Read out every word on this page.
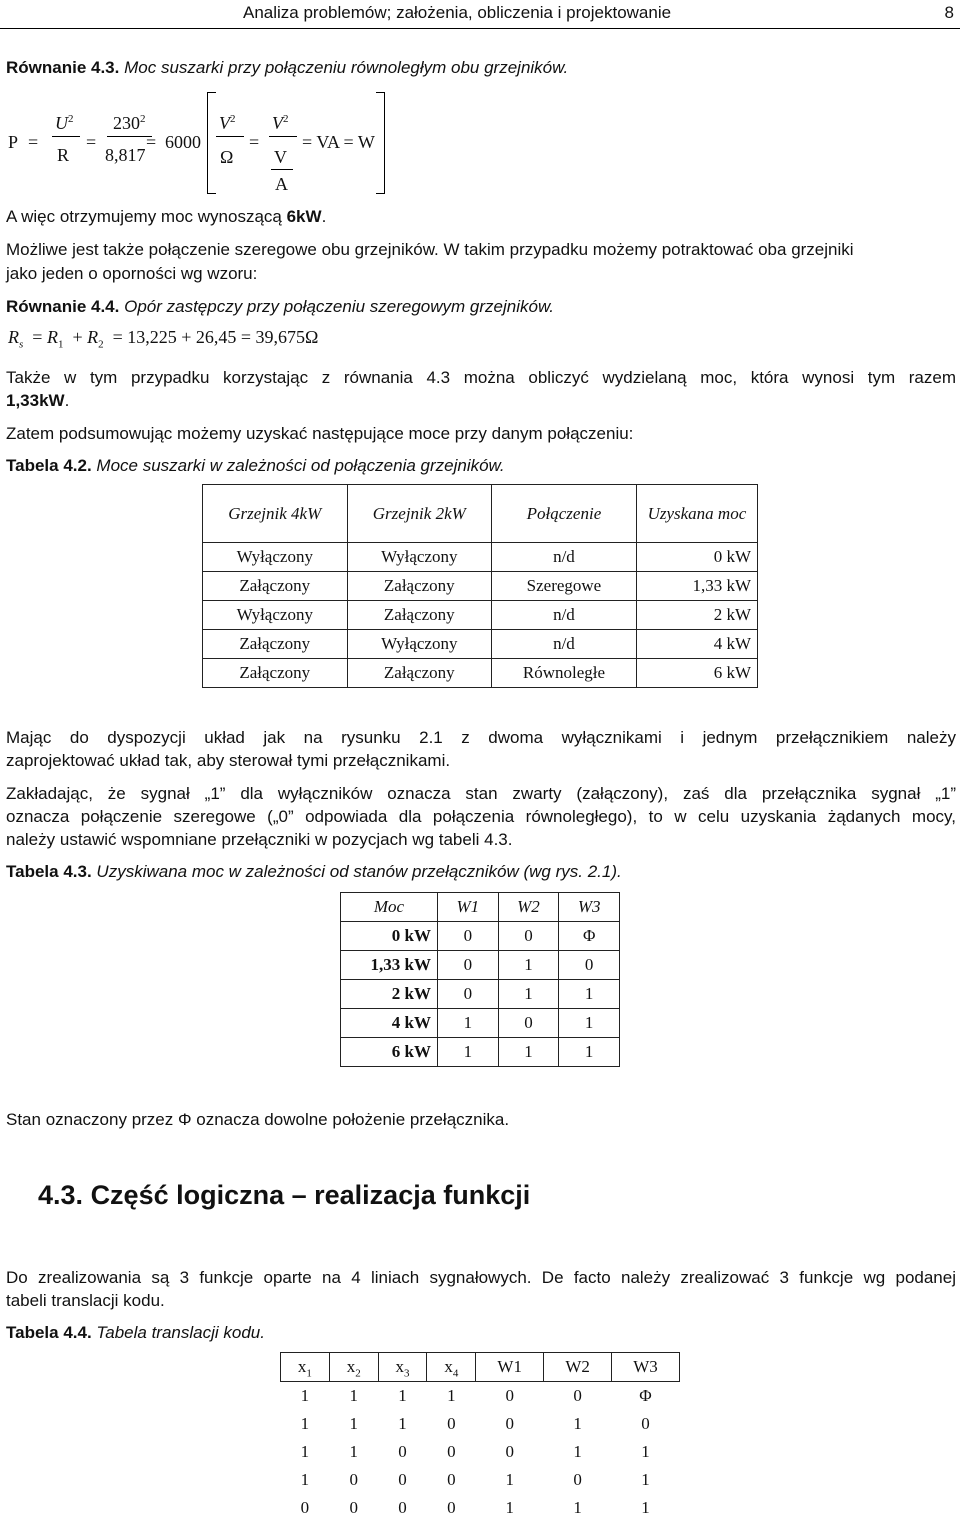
Analiza problemów; założenia, obliczenia i projektowanie	8
Równanie 4.3. Moc suszarki przy połączeniu równoległym obu grzejników.
P =
$U^2$
R
=
$230^2$
8,817
= 6000
$V^2$
Ω
=
$V^2$
V
A
= VA = W
A więc otrzymujemy moc wynoszącą 6kW.
Możliwe jest także połączenie szeregowe obu grzejników. W takim przypadku możemy potraktować oba grzejniki
jako jeden o oporności wg wzoru:
Równanie 4.4. Opór zastępczy przy połączeniu szeregowym grzejników.
$R_s = R_1 + R_2 = 13,225 + 26,45 = 39,675\Omega$
Także w tym przypadku korzystając z równania 4.3 można obliczyć wydzielaną moc, która wynosi tym razem
1,33kW.
Zatem podsumowując możemy uzyskać następujące moce przy danym połączeniu:
Tabela 4.2. Moce suszarki w zależności od połączenia grzejników.
Grzejnik 4kW	Grzejnik 2kW	Połączenie	Uzyskana moc
Wyłączony	Wyłączony	n/d	0 kW
Załączony	Załączony	Szeregowe	1,33 kW
Wyłączony	Załączony	n/d	2 kW
Załączony	Wyłączony	n/d	4 kW
Załączony	Załączony	Równoległe	6 kW
Mając do dyspozycji układ jak na rysunku 2.1 z dwoma wyłącznikami i jednym przełącznikiem należy
zaprojektować układ tak, aby sterował tymi przełącznikami.
Zakładając, że sygnał „1” dla wyłączników oznacza stan zwarty (załączony), zaś dla przełącznika sygnał „1”
oznacza połączenie szeregowe („0” odpowiada dla połączenia równoległego), to w celu uzyskania żądanych mocy,
należy ustawić wspomniane przełączniki w pozycjach wg tabeli 4.3.
Tabela 4.3. Uzyskiwana moc w zależności od stanów przełączników (wg rys. 2.1).
Moc	W1	W2	W3
0 kW	0	0	Φ
1,33 kW	0	1	0
2 kW	0	1	1
4 kW	1	0	1
6 kW	1	1	1
Stan oznaczony przez Φ oznacza dowolne położenie przełącznika.
4.3. Część logiczna – realizacja funkcji
Do zrealizowania są 3 funkcje oparte na 4 liniach sygnałowych. De facto należy zrealizować 3 funkcje wg podanej
tabeli translacji kodu.
Tabela 4.4. Tabela translacji kodu.
$x_1$	$x_2$	$x_3$	$x_4$	W1	W2	W3
1	1	1	1	0	0	Φ
1	1	1	0	0	1	0
1	1	0	0	0	1	1
1	0	0	0	1	0	1
0	0	0	0	1	1	1
